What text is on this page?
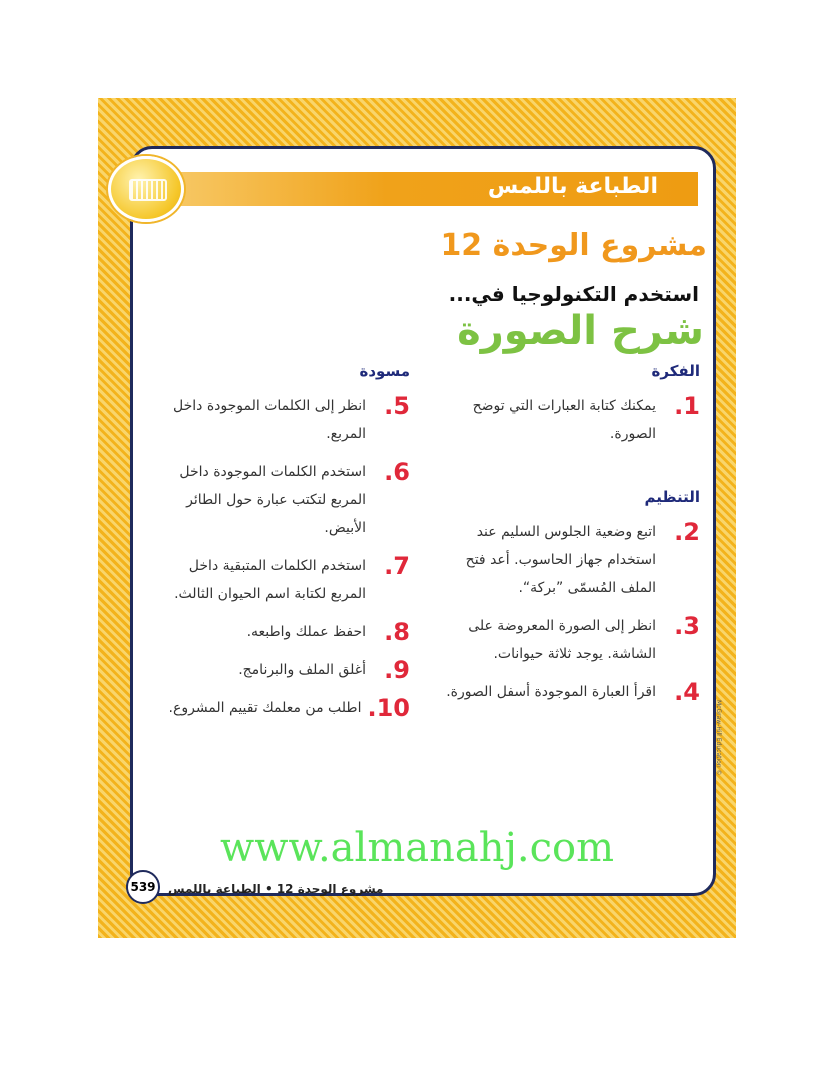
الطباعة باللمس
مشروع الوحدة 12
استخدم التكنولوجيا في...
شرح الصورة
الفكرة
1.
يمكنك كتابة العبارات التي توضح الصورة.
التنظيم
2.
اتبع وضعية الجلوس السليم عند استخدام جهاز الحاسوب. أعد فتح الملف المُسمّى ”بركة“.
3.
انظر إلى الصورة المعروضة على الشاشة. يوجد ثلاثة حيوانات.
4.
اقرأ العبارة الموجودة أسفل الصورة.
مسودة
5.
انظر إلى الكلمات الموجودة داخل المربع.
6.
استخدم الكلمات الموجودة داخل المربع لتكتب عبارة حول الطائر الأبيض.
7.
استخدم الكلمات المتبقية داخل المربع لكتابة اسم الحيوان الثالث.
8.
احفظ عملك واطبعه.
9.
أغلق الملف والبرنامج.
10.
اطلب من معلمك تقييم المشروع.
www.almanahj.com
539	مشروع الوحدة 12 • الطباعة باللمس
McGraw-Hill Education ©
